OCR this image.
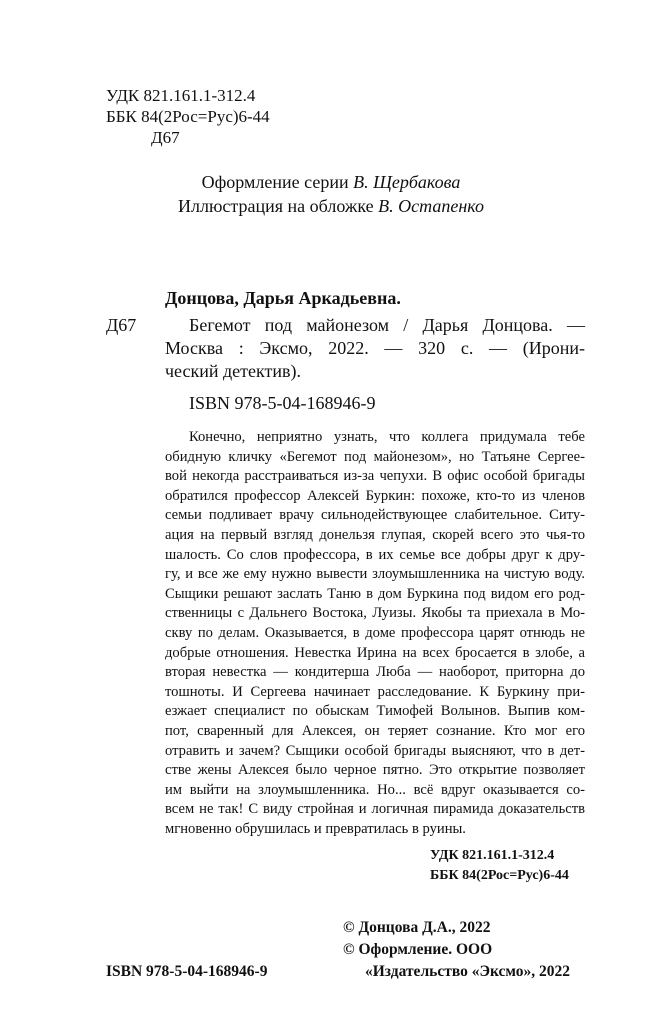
УДК 821.161.1-312.4
ББК 84(2Рос=Рус)6-44
Д67
Оформление серии В. Щербакова
Иллюстрация на обложке В. Остапенко
Донцова, Дарья Аркадьевна.
Д67	Бегемот под майонезом / Дарья Донцова. —
Москва : Эксмо, 2022. — 320 с. — (Ирони-
ческий детектив).
ISBN 978-5-04-168946-9
Конечно, неприятно узнать, что коллега придумала тебе
обидную кличку «Бегемот под майонезом», но Татьяне Сергее-
вой некогда расстраиваться из-за чепухи. В офис особой бригады
обратился профессор Алексей Буркин: похоже, кто-то из членов
семьи подливает врачу сильнодействующее слабительное. Ситу-
ация на первый взгляд донельзя глупая, скорей всего это чья-то
шалость. Со слов профессора, в их семье все добры друг к дру-
гу, и все же ему нужно вывести злоумышленника на чистую воду.
Сыщики решают заслать Таню в дом Буркина под видом его род-
ственницы с Дальнего Востока, Луизы. Якобы та приехала в Мо-
скву по делам. Оказывается, в доме профессора царят отнюдь не
добрые отношения. Невестка Ирина на всех бросается в злобе, а
вторая невестка — кондитерша Люба — наоборот, приторна до
тошноты. И Сергеева начинает расследование. К Буркину при-
езжает специалист по обыскам Тимофей Волынов. Выпив ком-
пот, сваренный для Алексея, он теряет сознание. Кто мог его
отравить и зачем? Сыщики особой бригады выясняют, что в дет-
стве жены Алексея было черное пятно. Это открытие позволяет
им выйти на злоумышленника. Но... всё вдруг оказывается со-
всем не так! С виду стройная и логичная пирамида доказательств
мгновенно обрушилась и превратилась в руины.
УДК 821.161.1-312.4
ББК 84(2Рос=Рус)6-44
© Донцова Д.А., 2022
© Оформление. ООО
«Издательство «Эксмо», 2022
ISBN 978-5-04-168946-9
